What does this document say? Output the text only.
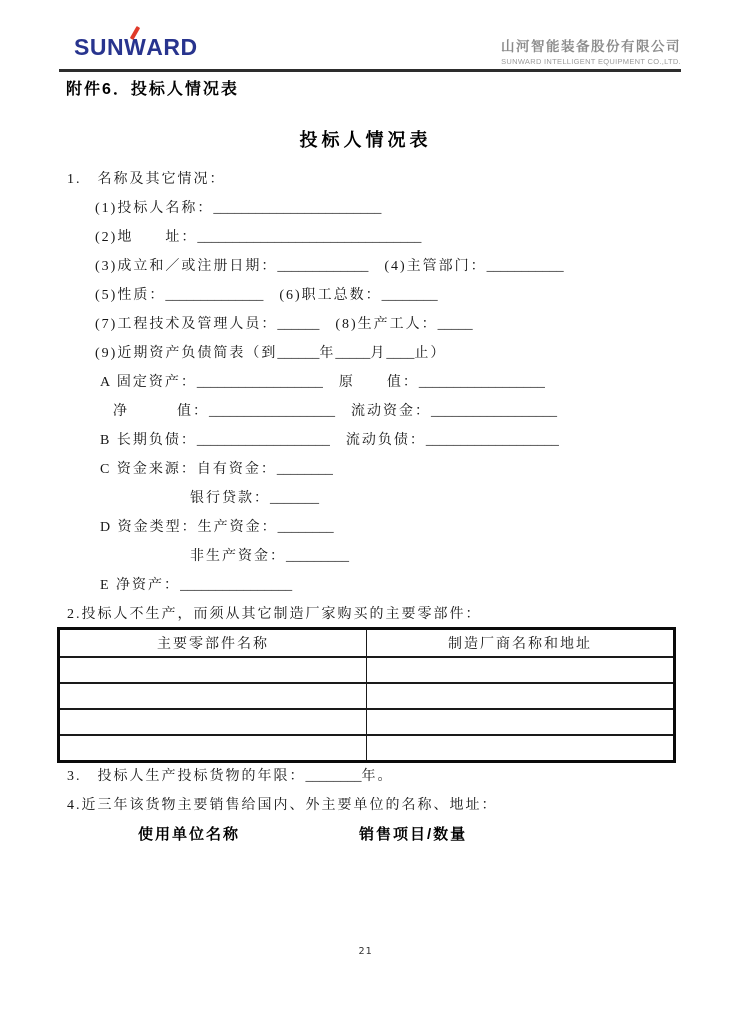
SUN
WARD	山河智能装备股份有限公司
SUNWARD INTELLIGENT EQUIPMENT CO.,LTD.
附件6．投标人情况表
投标人情况表
1.　名称及其它情况：
(1)投标人名称：________________________
(2)地　　址：________________________________
(3)成立和／或注册日期：_____________　(4)主管部门：___________
(5)性质：______________　(6)职工总数：________
(7)工程技术及管理人员：______　(8)生产工人：_____
(9)近期资产负债简表（到______年_____月____止）
A 固定资产：__________________　原　　值：__________________
净　　　值：__________________　流动资金：__________________
B 长期负债：___________________　流动负债：___________________
C 资金来源：自有资金：________
银行贷款：_______
D 资金类型：生产资金：________
非生产资金：_________
E 净资产：________________
2.投标人不生产，而须从其它制造厂家购买的主要零部件：
主要零部件名称	制造厂商名称和地址

3.　投标人生产投标货物的年限：________年。
4.近三年该货物主要销售给国内、外主要单位的名称、地址：
使用单位名称　　　　　　　销售项目/数量
21
